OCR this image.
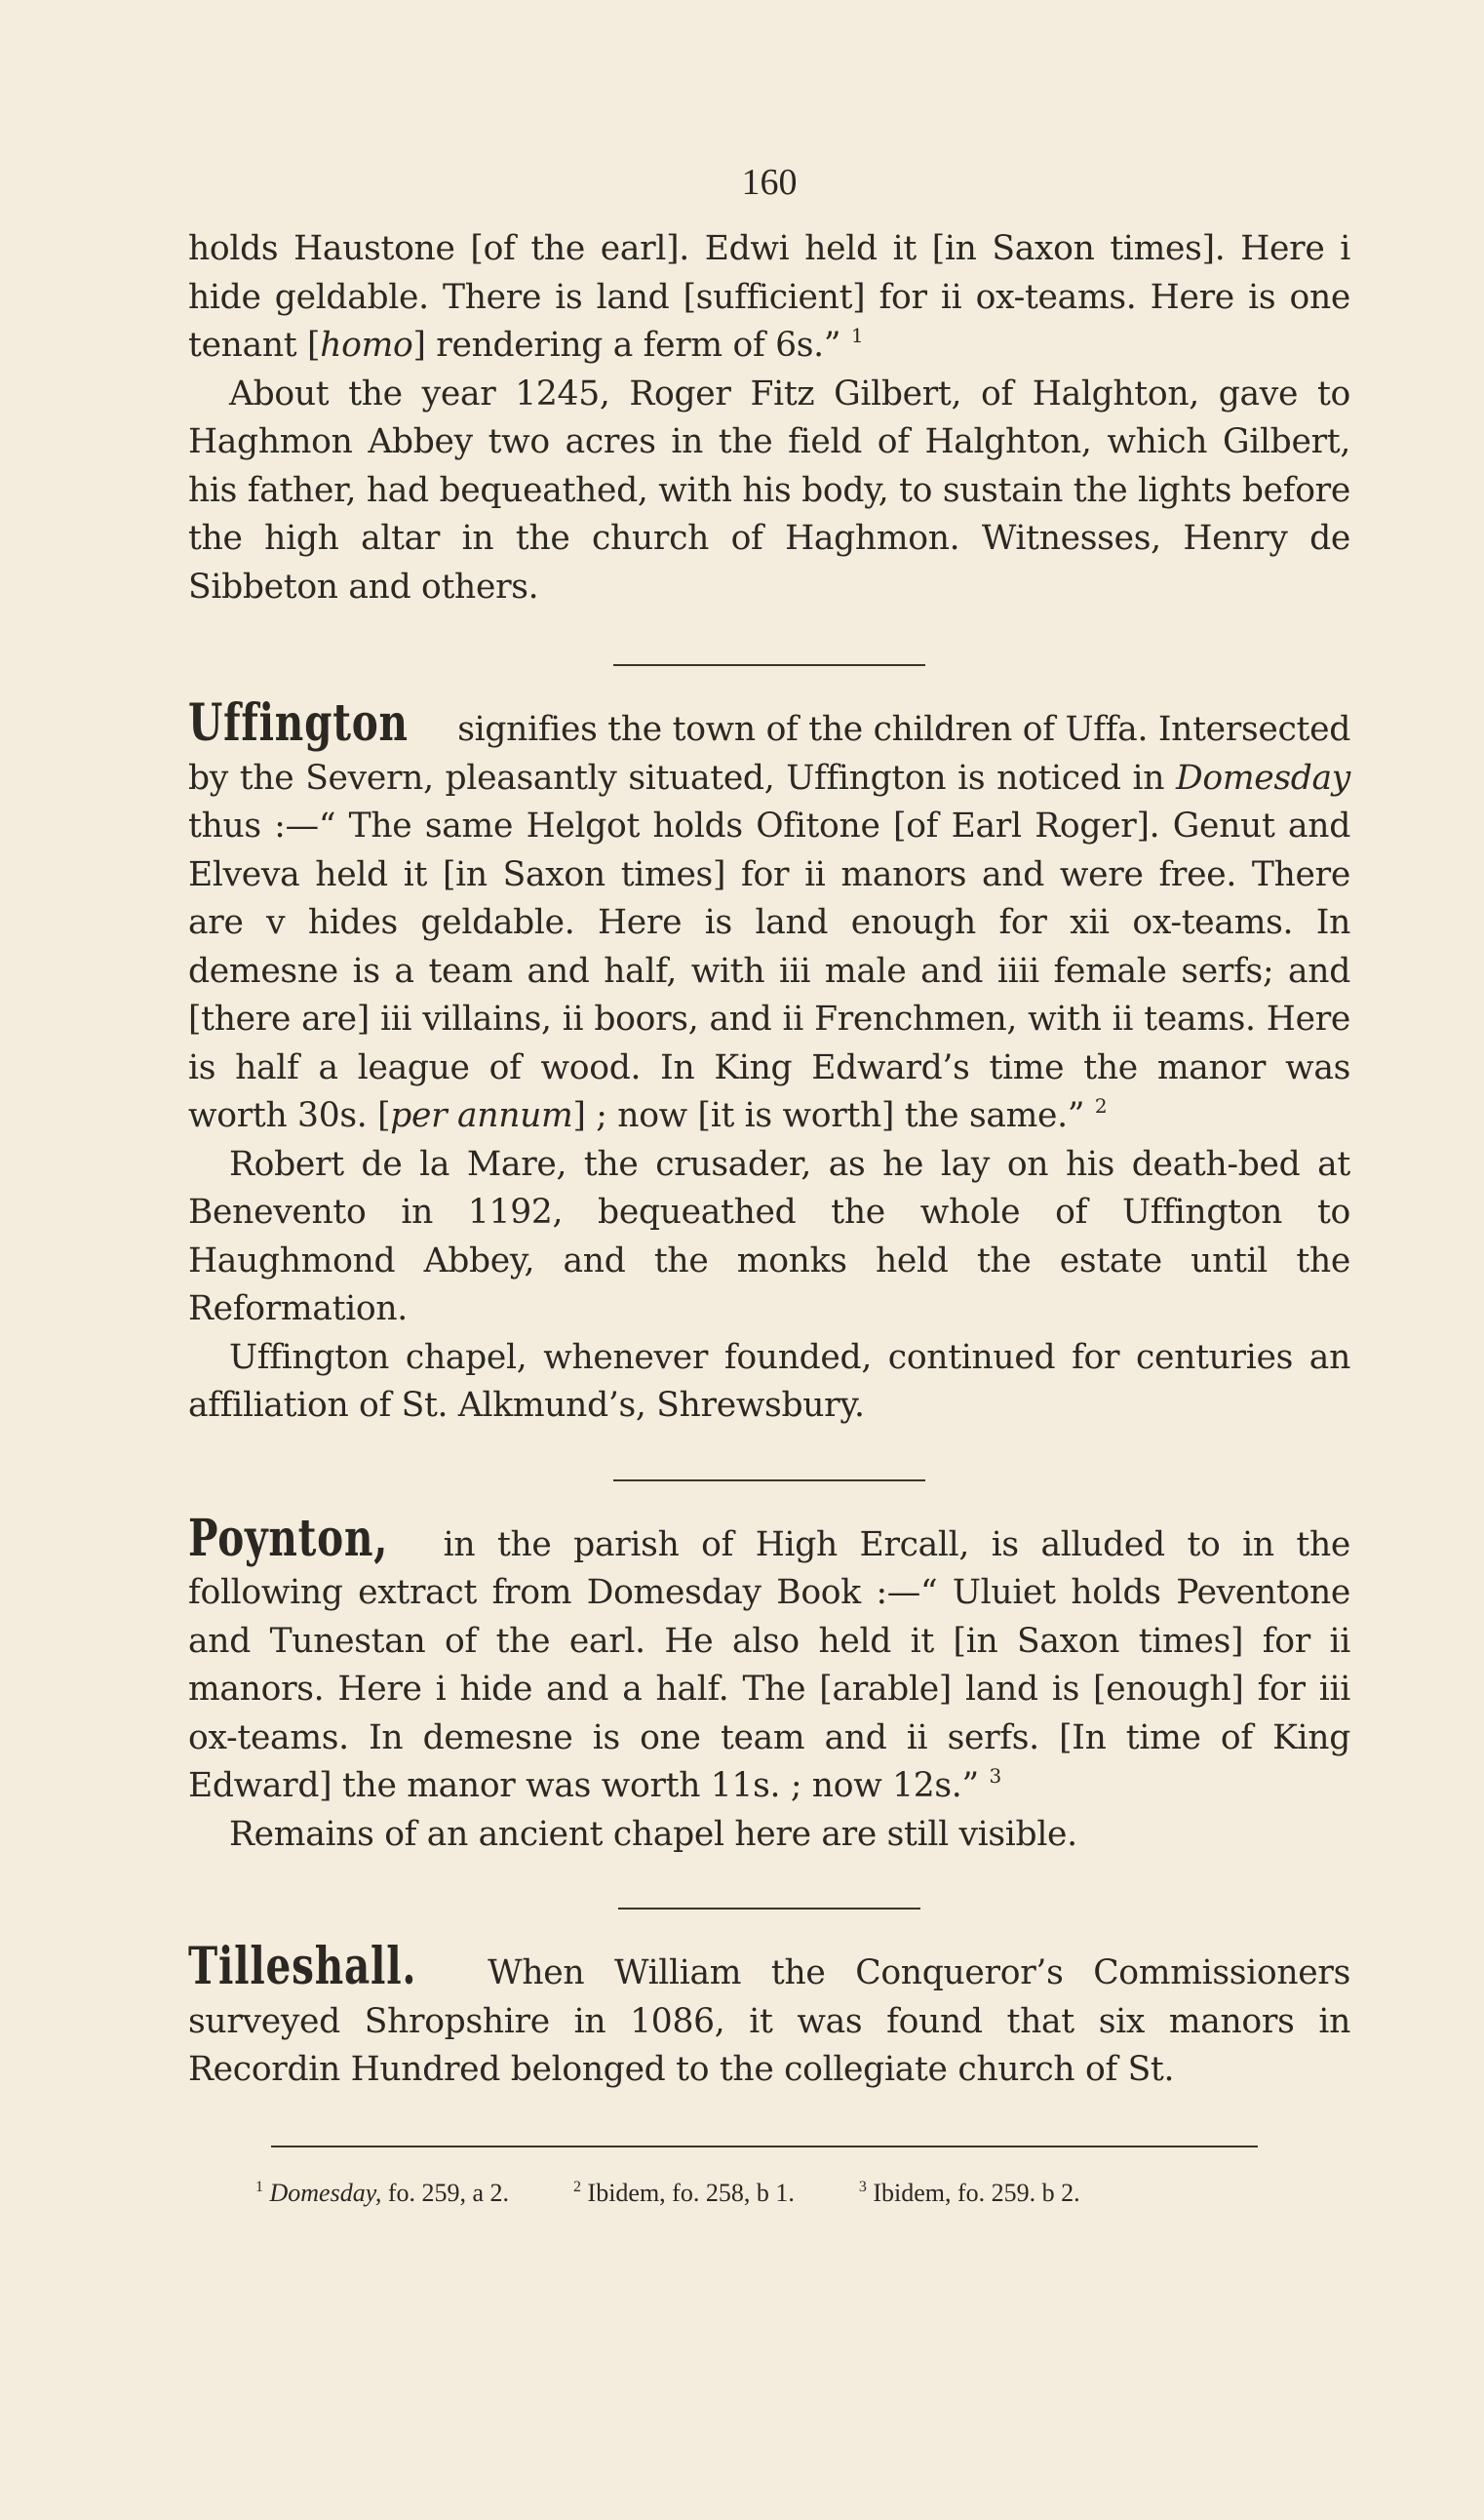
160

holds Haustone [of the earl]. Edwi held it [in Saxon times]. Here i hide geldable. There is land [sufficient] for ii ox-teams. Here is one tenant [homo] rendering a ferm of 6s.” $^1$

About the year 1245, Roger Fitz Gilbert, of Halghton, gave to Haghmon Abbey two acres in the field of Halghton, which Gilbert, his father, had bequeathed, with his body, to sustain the lights before the high altar in the church of Haghmon. Witnesses, Henry de Sibbeton and others.

Uffington signifies the town of the children of Uffa. Intersected by the Severn, pleasantly situated, Uffington is noticed in Domesday thus :—“ The same Helgot holds Ofitone [of Earl Roger]. Genut and Elveva held it [in Saxon times] for ii manors and were free. There are v hides geldable. Here is land enough for xii ox-teams. In demesne is a team and half, with iii male and iiii female serfs; and [there are] iii villains, ii boors, and ii Frenchmen, with ii teams. Here is half a league of wood. In King Edward’s time the manor was worth 30s. [per annum] ; now [it is worth] the same.” $^2$

Robert de la Mare, the crusader, as he lay on his death-bed at Benevento in 1192, bequeathed the whole of Uffington to Haughmond Abbey, and the monks held the estate until the Reformation.

Uffington chapel, whenever founded, continued for centuries an affiliation of St. Alkmund’s, Shrewsbury.

Poynton, in the parish of High Ercall, is alluded to in the following extract from Domesday Book :—“ Uluiet holds Peventone and Tunestan of the earl. He also held it [in Saxon times] for ii manors. Here i hide and a half. The [arable] land is [enough] for iii ox-teams. In demesne is one team and ii serfs. [In time of King Edward] the manor was worth 11s. ; now 12s.” $^3$

Remains of an ancient chapel here are still visible.

Tilleshall. When William the Conqueror’s Commissioners surveyed Shropshire in 1086, it was found that six manors in Recordin Hundred belonged to the collegiate church of St.

$^1$ Domesday, fo. 259, a 2.	$^2$ Ibidem, fo. 258, b 1.	$^3$ Ibidem, fo. 259. b 2.
